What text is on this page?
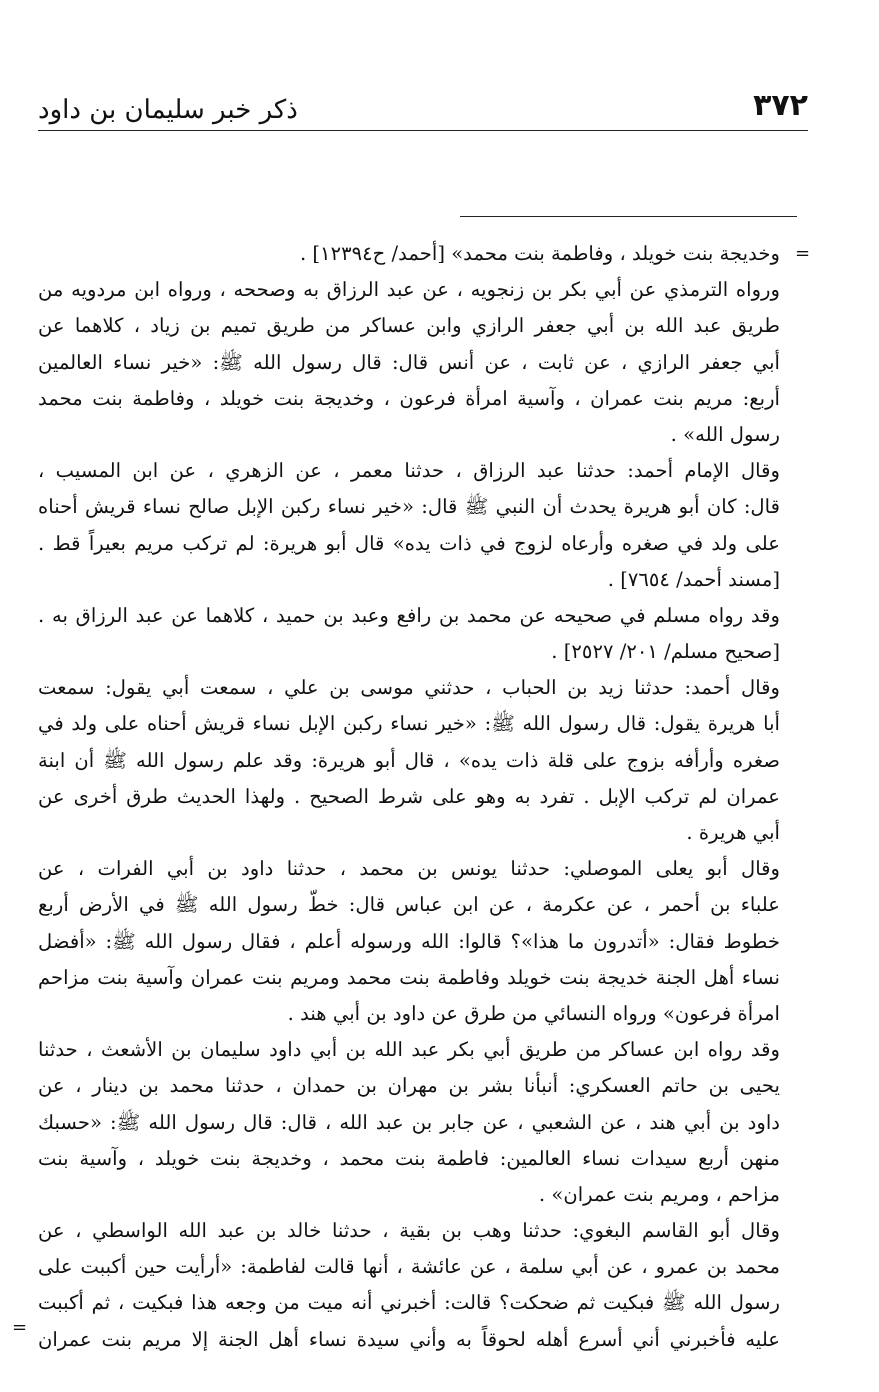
٣٧٢
ذكر خبر سليمان بن داود
=
وخديجة بنت خويلد ، وفاطمة بنت محمد» [أحمد/ ح١٢٣٩٤] .
ورواه الترمذي عن أبي بكر بن زنجويه ، عن عبد الرزاق به وصححه ، ورواه ابن مردويه من
طريق عبد الله بن أبي جعفر الرازي وابن عساكر من طريق تميم بن زياد ، كلاهما عن
أبي جعفر الرازي ، عن ثابت ، عن أنس قال: قال رسول الله ﷺ: «خير نساء العالمين
أربع: مريم بنت عمران ، وآسية امرأة فرعون ، وخديجة بنت خويلد ، وفاطمة بنت محمد
رسول الله» .
وقال الإمام أحمد: حدثنا عبد الرزاق ، حدثنا معمر ، عن الزهري ، عن ابن المسيب ،
قال: كان أبو هريرة يحدث أن النبي ﷺ قال: «خير نساء ركبن الإبل صالح نساء قريش أحناه
على ولد في صغره وأرعاه لزوج في ذات يده» قال أبو هريرة: لم تركب مريم بعيراً قط .
[مسند أحمد/ ٧٦٥٤] .
وقد رواه مسلم في صحيحه عن محمد بن رافع وعبد بن حميد ، كلاهما عن عبد الرزاق به .
[صحيح مسلم/ ٢٠١/ ٢٥٢٧] .
وقال أحمد: حدثنا زيد بن الحباب ، حدثني موسى بن علي ، سمعت أبي يقول: سمعت
أبا هريرة يقول: قال رسول الله ﷺ: «خير نساء ركبن الإبل نساء قريش أحناه على ولد في
صغره وأرأفه بزوج على قلة ذات يده» ، قال أبو هريرة: وقد علم رسول الله ﷺ أن ابنة
عمران لم تركب الإبل . تفرد به وهو على شرط الصحيح . ولهذا الحديث طرق أخرى عن
أبي هريرة .
وقال أبو يعلى الموصلي: حدثنا يونس بن محمد ، حدثنا داود بن أبي الفرات ، عن
علباء بن أحمر ، عن عكرمة ، عن ابن عباس قال: خطّ رسول الله ﷺ في الأرض أربع
خطوط فقال: «أتدرون ما هذا»؟ قالوا: الله ورسوله أعلم ، فقال رسول الله ﷺ: «أفضل
نساء أهل الجنة خديجة بنت خويلد وفاطمة بنت محمد ومريم بنت عمران وآسية بنت مزاحم
امرأة فرعون» ورواه النسائي من طرق عن داود بن أبي هند .
وقد رواه ابن عساكر من طريق أبي بكر عبد الله بن أبي داود سليمان بن الأشعث ، حدثنا
يحيى بن حاتم العسكري: أنبأنا بشر بن مهران بن حمدان ، حدثنا محمد بن دينار ، عن
داود بن أبي هند ، عن الشعبي ، عن جابر بن عبد الله ، قال: قال رسول الله ﷺ: «حسبك
منهن أربع سيدات نساء العالمين: فاطمة بنت محمد ، وخديجة بنت خويلد ، وآسية بنت
مزاحم ، ومريم بنت عمران» .
وقال أبو القاسم البغوي: حدثنا وهب بن بقية ، حدثنا خالد بن عبد الله الواسطي ، عن
محمد بن عمرو ، عن أبي سلمة ، عن عائشة ، أنها قالت لفاطمة: «أرأيت حين أكببت على
رسول الله ﷺ فبكيت ثم ضحكت؟ قالت: أخبرني أنه ميت من وجعه هذا فبكيت ، ثم أكببت
عليه فأخبرني أني أسرع أهله لحوقاً به وأني سيدة نساء أهل الجنة إلا مريم بنت عمران
=
